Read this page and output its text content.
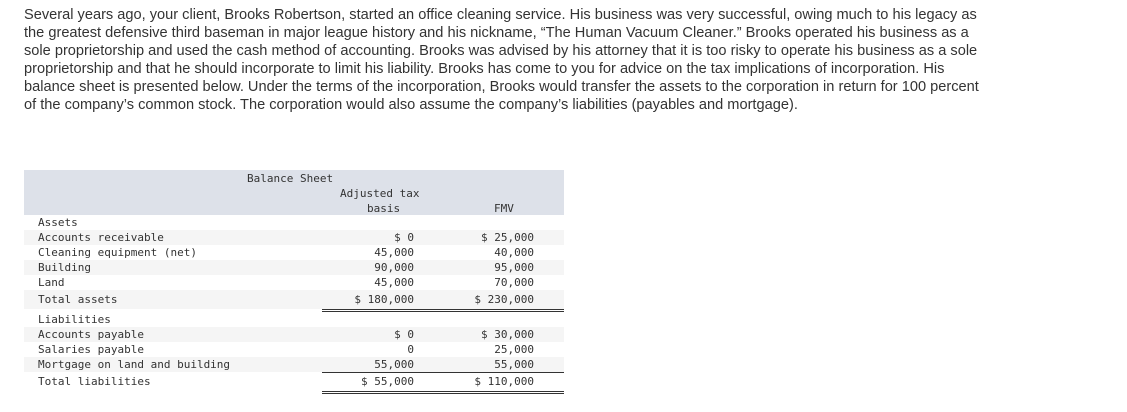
Several years ago, your client, Brooks Robertson, started an office cleaning service. His business was very successful, owing much to his legacy as the greatest defensive third baseman in major league history and his nickname, “The Human Vacuum Cleaner.” Brooks operated his business as a sole proprietorship and used the cash method of accounting. Brooks was advised by his attorney that it is too risky to operate his business as a sole proprietorship and that he should incorporate to limit his liability. Brooks has come to you for advice on the tax implications of incorporation. His balance sheet is presented below. Under the terms of the incorporation, Brooks would transfer the assets to the corporation in return for 100 percent of the company’s common stock. The corporation would also assume the company’s liabilities (payables and mortgage).

Balance Sheet
Adjusted tax
basis	FMV
Assets
Accounts receivable	$ 0	$ 25,000
Cleaning equipment (net)	45,000	40,000
Building	90,000	95,000
Land	45,000	70,000
Total assets	$ 180,000	$ 230,000
Liabilities
Accounts payable	$ 0	$ 30,000
Salaries payable	0	25,000
Mortgage on land and building	55,000	55,000
Total liabilities	$ 55,000	$ 110,000
